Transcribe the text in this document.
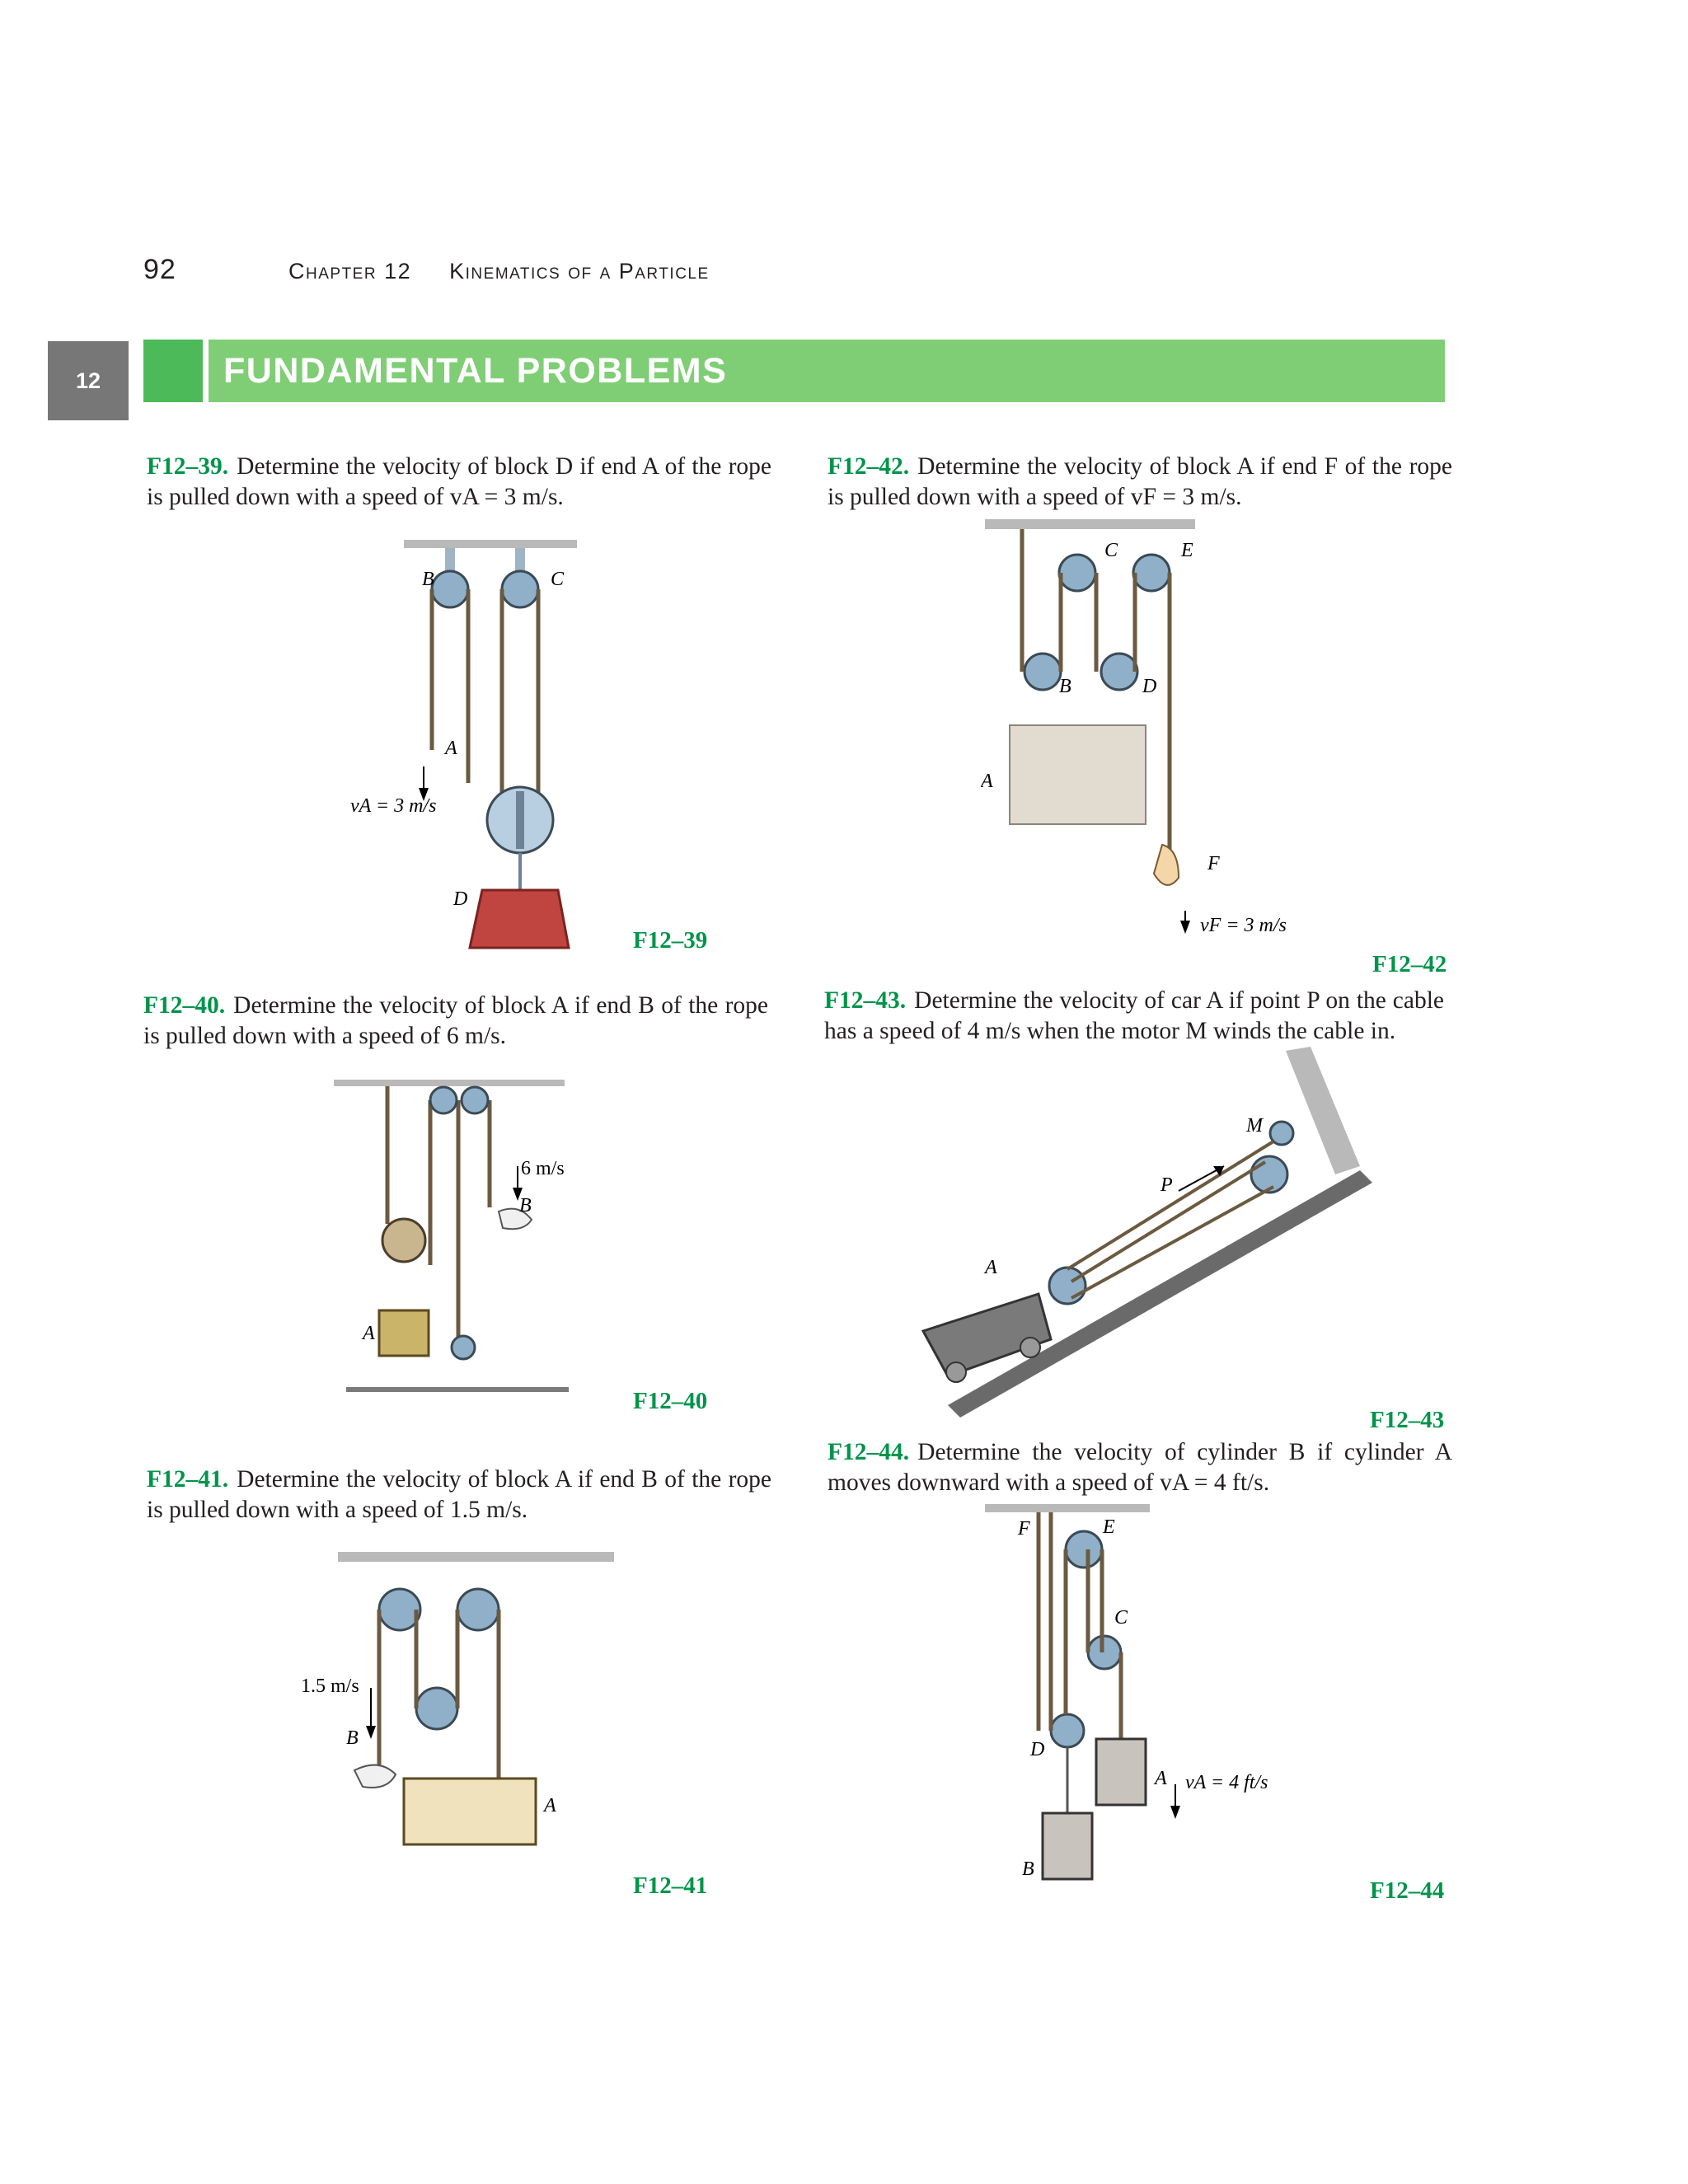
92	Chapter 12 Kinematics of a Particle
12	FUNDAMENTAL PROBLEMS
F12–39. Determine the velocity of block D if end A of the rope is pulled down with a speed of vA = 3 m/s.
B	C
A
D
vA = 3 m/s
F12–39
F12–40. Determine the velocity of block A if end B of the rope is pulled down with a speed of 6 m/s.
6 m/s
B
A
F12–40
F12–41. Determine the velocity of block A if end B of the rope is pulled down with a speed of 1.5 m/s.
1.5 m/s
B
A
F12–41
F12–42. Determine the velocity of block A if end F of the rope is pulled down with a speed of vF = 3 m/s.
C	E
B	D
A
F
vF = 3 m/s
F12–42
F12–43. Determine the velocity of car A if point P on the cable has a speed of 4 m/s when the motor M winds the cable in.
M
P
A
F12–43
F12–44. Determine the velocity of cylinder B if cylinder A moves downward with a speed of vA = 4 ft/s.
F	E
C
D
A vA = 4 ft/s
B
F12–44
